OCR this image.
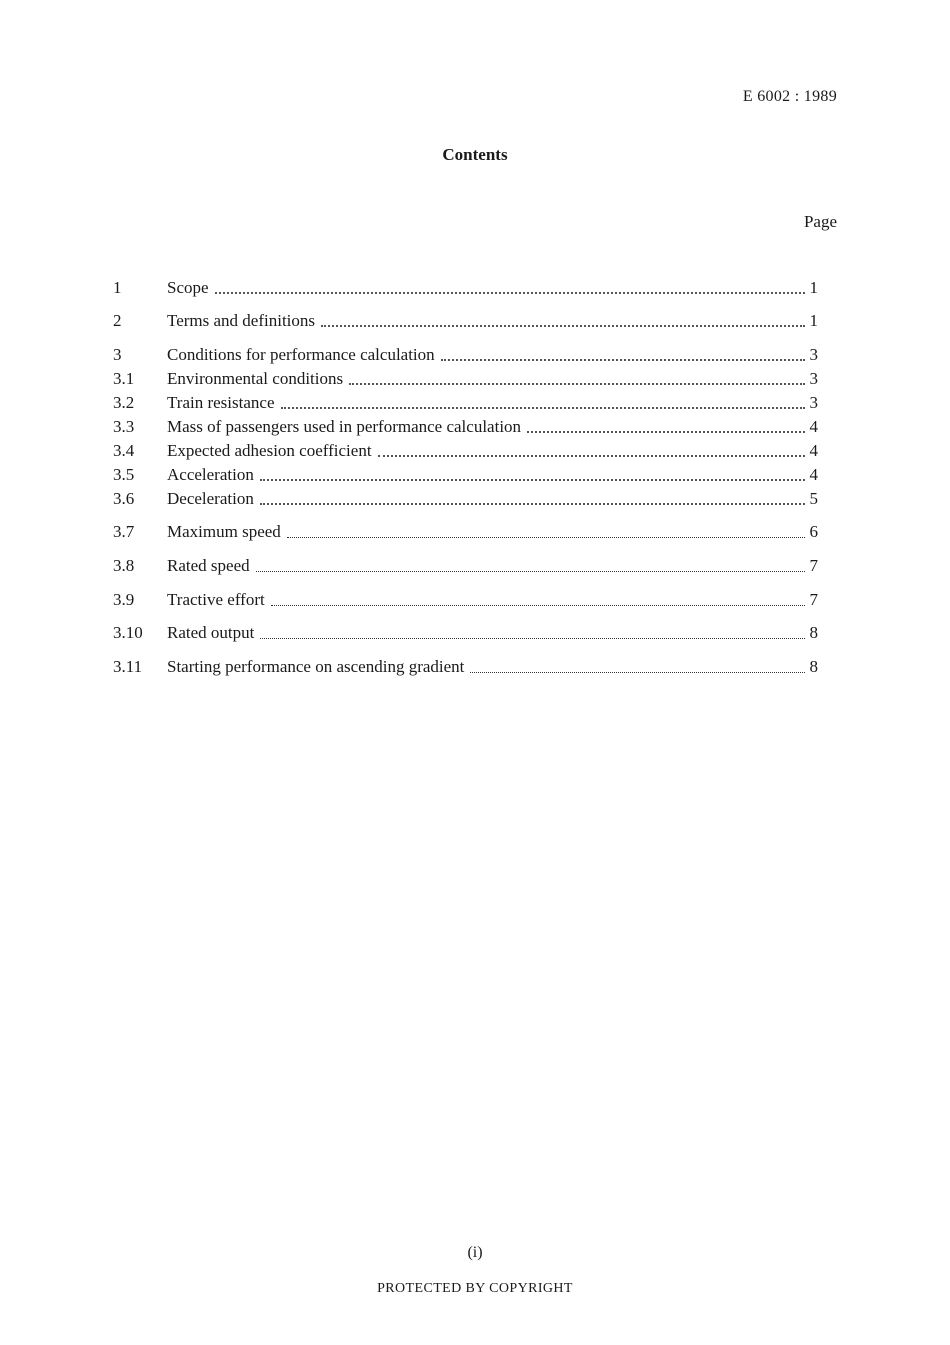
E 6002 : 1989
Contents
Page
1	Scope	1
2	Terms and definitions	1
3	Conditions for performance calculation	3
3.1	Environmental conditions	3
3.2	Train resistance	3
3.3	Mass of passengers used in performance calculation	4
3.4	Expected adhesion coefficient	4
3.5	Acceleration	4
3.6	Deceleration	5
3.7	Maximum speed	6
3.8	Rated speed	7
3.9	Tractive effort	7
3.10	Rated output	8
3.11	Starting performance on ascending gradient	8
(i)
PROTECTED BY COPYRIGHT
